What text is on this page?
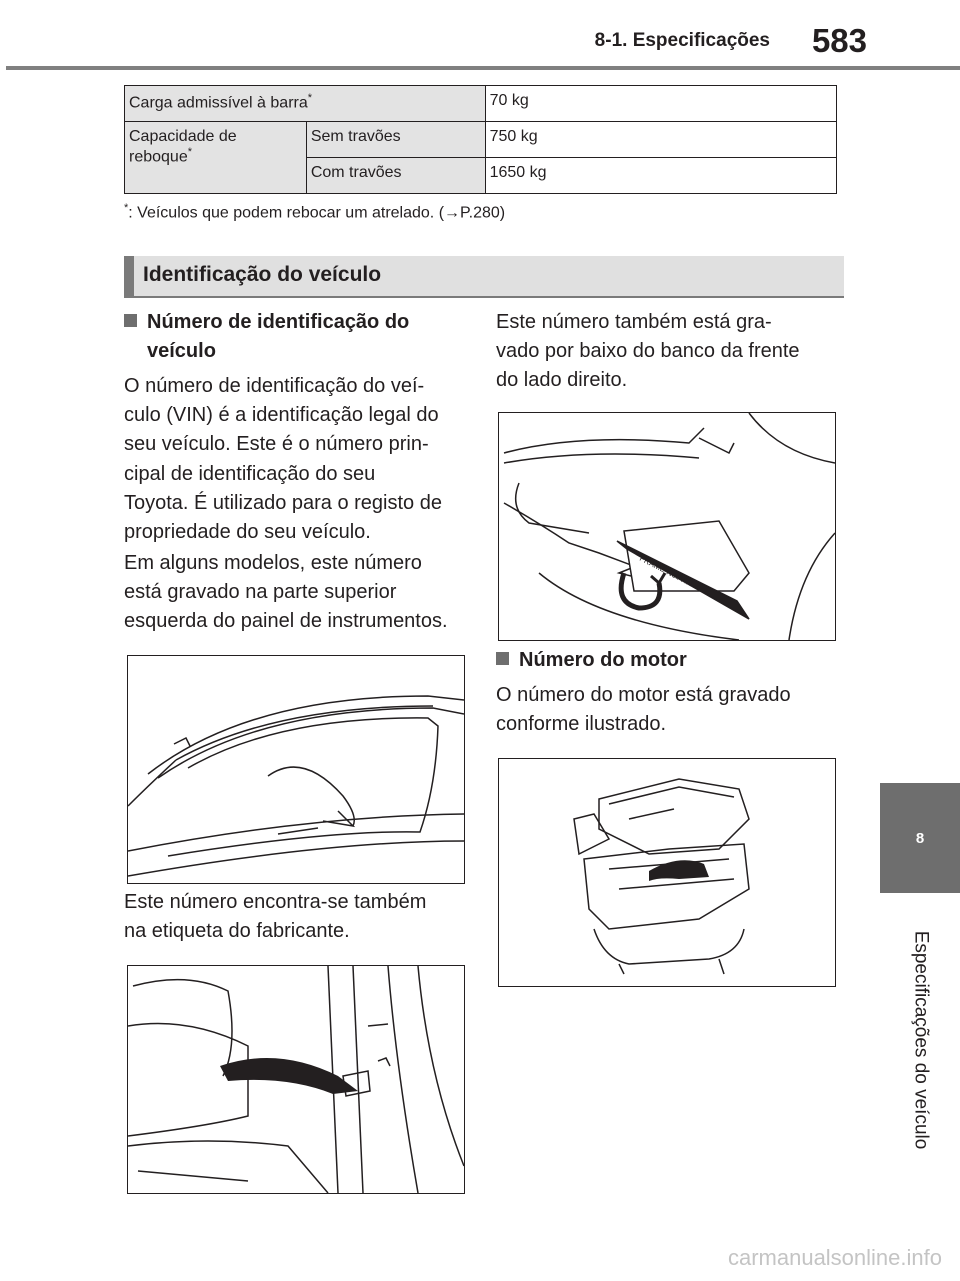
8-1. Especificações 583
8
Especificações do veículo
Carga admissível à barra*		70 kg
Capacidade de
reboque*	Sem travões	750 kg
	Com travões	1650 kg
*: Veículos que podem rebocar um atrelado. (→P.280)
Identificação do veículo
Número de identificação do
veículo
O número de identificação do veí-
culo (VIN) é a identificação legal do
seu veículo. Este é o número prin-
cipal de identificação do seu
Toyota. É utilizado para o registo de
propriedade do seu veículo.
Em alguns modelos, este número
está gravado na parte superior
esquerda do painel de instrumentos.
Este número encontra-se também
na etiqueta do fabricante.
Este número também está gra-
vado por baixo do banco da frente
do lado direito.
FRAME No./VIN
Número do motor
O número do motor está gravado
conforme ilustrado.
carmanualsonline.info
